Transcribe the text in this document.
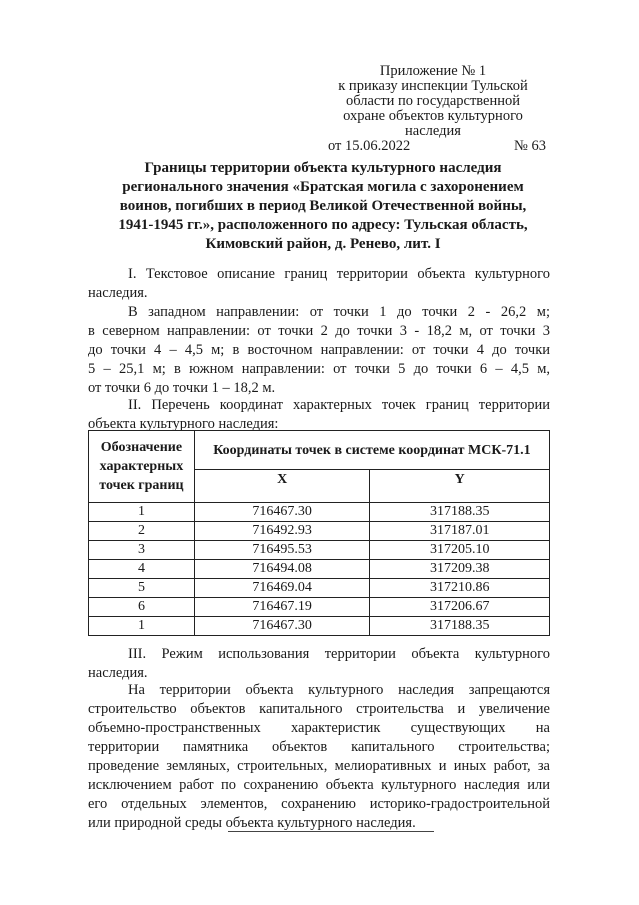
Приложение № 1
к приказу инспекции Тульской
области по государственной
охране объектов культурного
наследия
от 15.06.2022	№ 63
Границы территории объекта культурного наследия
регионального значения «Братская могила с захоронением
воинов, погибших в период Великой Отечественной войны,
1941-1945 гг.», расположенного по адресу: Тульская область,
Кимовский район, д. Ренево, лит. I
I. Текстовое описание границ территории объекта культурного
наследия.
В западном направлении: от точки 1 до точки 2 - 26,2 м;
в северном направлении: от точки 2 до точки 3 - 18,2 м, от точки 3
до точки 4 – 4,5 м; в восточном направлении: от точки 4 до точки
5 – 25,1 м; в южном направлении: от точки 5 до точки 6 – 4,5 м,
от точки 6 до точки 1 – 18,2 м.
II. Перечень координат характерных точек границ территории
объекта культурного наследия:
Обозначение характерных точек границ	Координаты точек в системе координат МСК-71.1	
	X	Y
1	716467.30	317188.35
2	716492.93	317187.01
3	716495.53	317205.10
4	716494.08	317209.38
5	716469.04	317210.86
6	716467.19	317206.67
1	716467.30	317188.35
III. Режим использования территории объекта культурного
наследия.
На территории объекта культурного наследия запрещаются
строительство объектов капитального строительства и увеличение
объемно-пространственных характеристик существующих на
территории памятника объектов капитального строительства;
проведение земляных, строительных, мелиоративных и иных работ, за
исключением работ по сохранению объекта культурного наследия или
его отдельных элементов, сохранению историко-градостроительной
или природной среды объекта культурного наследия.
